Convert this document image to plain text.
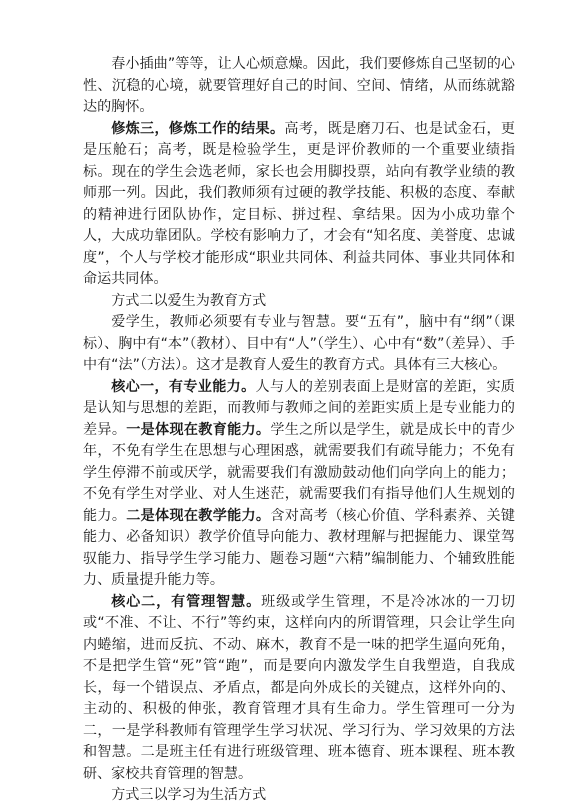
春小插曲”等等，让人心烦意燥。因此，我们要修炼自己坚韧的心性、沉稳的心境，就要管理好自己的时间、空间、情绪，从而练就豁达的胸怀。

修炼三，修炼工作的结果。高考，既是磨刀石、也是试金石，更是压舱石；高考，既是检验学生，更是评价教师的一个重要业绩指标。现在的学生会选老师，家长也会用脚投票，站向有教学业绩的教师那一列。因此，我们教师须有过硬的教学技能、积极的态度、奉献的精神进行团队协作，定目标、拼过程、拿结果。因为小成功靠个人，大成功靠团队。学校有影响力了，才会有“知名度、美誉度、忠诚度”，个人与学校才能形成“职业共同体、利益共同体、事业共同体和命运共同体。

方式二以爱生为教育方式

爱学生，教师必须要有专业与智慧。要“五有”，脑中有“纲”（课标）、胸中有“本”（教材）、目中有“人”（学生）、心中有“数”（差异）、手中有“法”（方法）。这才是教育人爱生的教育方式。具体有三大核心。

核心一，有专业能力。人与人的差别表面上是财富的差距，实质是认知与思想的差距，而教师与教师之间的差距实质上是专业能力的差异。一是体现在教育能力。学生之所以是学生，就是成长中的青少年，不免有学生在思想与心理困惑，就需要我们有疏导能力；不免有学生停滞不前或厌学，就需要我们有激励鼓动他们向学向上的能力；不免有学生对学业、对人生迷茫，就需要我们有指导他们人生规划的能力。二是体现在教学能力。含对高考（核心价值、学科素养、关键能力、必备知识）教学价值导向能力、教材理解与把握能力、课堂驾驭能力、指导学生学习能力、题卷习题“六精”编制能力、个辅致胜能力、质量提升能力等。

核心二，有管理智慧。班级或学生管理，不是冷冰冰的一刀切或“不准、不让、不行”等约束，这样向内的所谓管理，只会让学生向内蜷缩，进而反抗、不动、麻木，教育不是一味的把学生逼向死角，不是把学生管“死”管“跑”，而是要向内激发学生自我塑造，自我成长，每一个错误点、矛盾点，都是向外成长的关键点，这样外向的、主动的、积极的伸张，教育管理才具有生命力。学生管理可一分为二，一是学科教师有管理学生学习状况、学习行为、学习效果的方法和智慧。二是班主任有进行班级管理、班本德育、班本课程、班本教研、家校共育管理的智慧。

方式三以学习为生活方式
